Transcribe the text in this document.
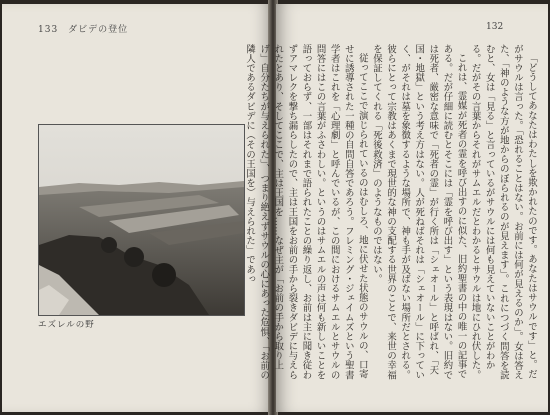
133 ダビデの登位
エズレルの野
132
「どうしてあなたはわたしを欺かれたのです。あなたはサウルです」と。だがサウルは言った。「恐れることはない。お前には何が見えるのか」。女は答えた、「神のような方が地からのぼられるのが見えます」。これにつづく問答を読むと、女は「見る」と言っているがサウルには何も見えていないことがわかる。だがその言葉からそれがサムエルだとわかるとサウルは地にひれ伏した。
これは、霊媒が死者の霊を呼び出すのに似た、旧約聖書の中の唯一の記事である。だが仔細に読むとそこには「霊を呼び出す」という表現はない。旧約では死者、厳密な意味で「死者の霊」が行く所は「シェオール」と呼ばれ、「天国・地獄」という考え方はない。人が死ねばそれは「シェオール」に下っていく、がそれは墓を象徴するような場所で、神も手が及ばない場所だとされる。彼らにとって宗教はあくまで現世的な神の支配する世界のことで、来世の幸福を保証してくれる「死後救済」のようなものではない。
従ってここで演じられているのはむしろ、地に伏せた状態のサウルの、口寄せに誘導された一種の自問自答であろう。フレミング・ジェイムズという聖書学者はこれを「心理劇」と呼んでいるが、この間におけるサムエルとサウルの問答にはこの言葉がふさわしい。というのはサムエルの声は何も新しいことを語っておらず、一部はそれまで語られたことの繰り返し、お前は主に聞き従わずアマレクを撃ち漏らしたので、主は王国をお前の手から裂きダビデに与えられたとあり、そしてここで、主は王国を……なぜ主が「お前の手から取り上げ」自分たちが与えられた」、つまり絶えずサウルの心にあった危惧、「お前の隣人であるダビデに（その王国を）与えられた」であっ
